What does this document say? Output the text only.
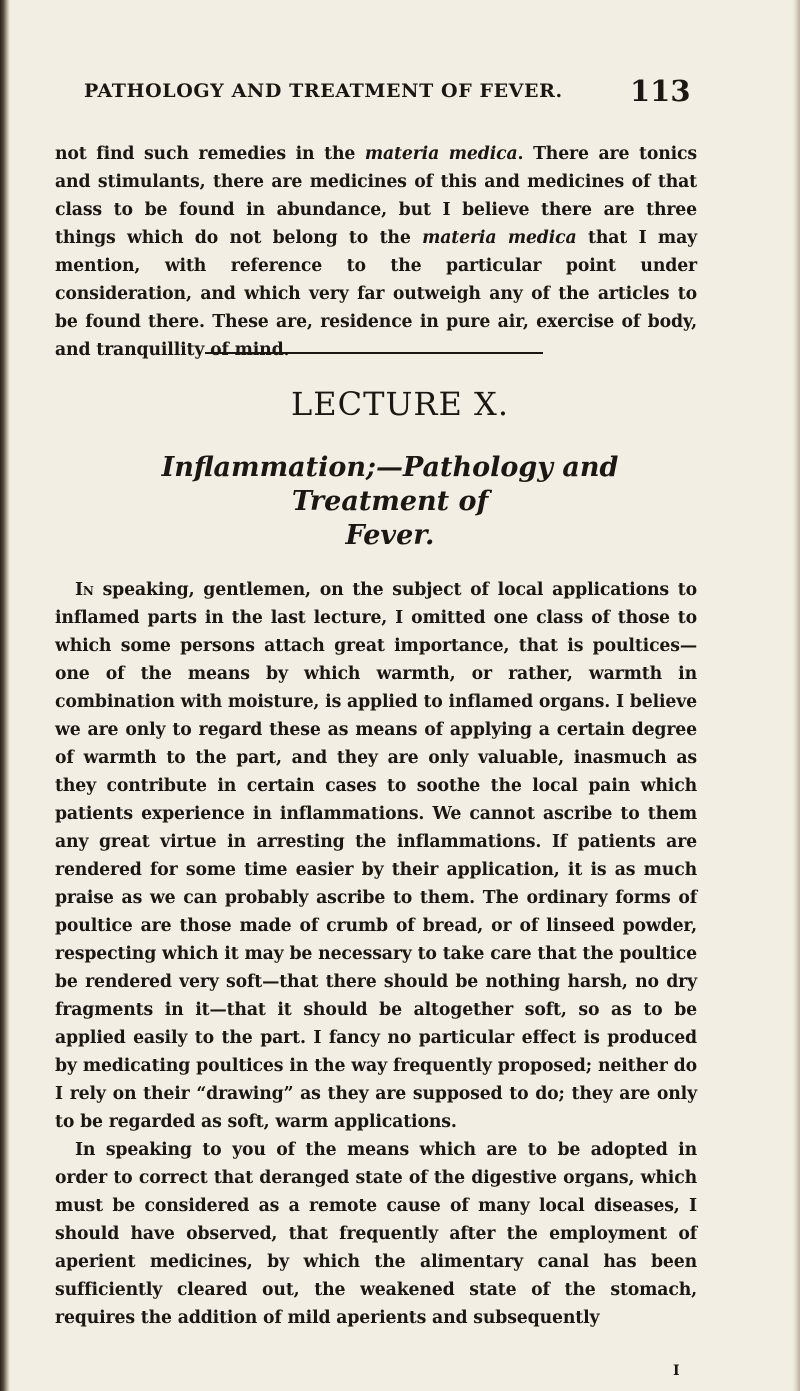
PATHOLOGY AND TREATMENT OF FEVER.	113

not find such remedies in the materia medica. There are tonics and stimulants, there are medicines of this and medicines of that class to be found in abundance, but I believe there are three things which do not belong to the materia medica that I may mention, with reference to the particular point under consideration, and which very far outweigh any of the articles to be found there. These are, residence in pure air, exercise of body, and tranquillity of mind.

LECTURE X.
Inflammation;—Pathology and Treatment of
Fever.

In speaking, gentlemen, on the subject of local applications to inflamed parts in the last lecture, I omitted one class of those to which some persons attach great importance, that is poultices—one of the means by which warmth, or rather, warmth in combination with moisture, is applied to inflamed organs. I believe we are only to regard these as means of applying a certain degree of warmth to the part, and they are only valuable, inasmuch as they contribute in certain cases to soothe the local pain which patients experience in inflammations. We cannot ascribe to them any great virtue in arresting the inflammations. If patients are rendered for some time easier by their application, it is as much praise as we can probably ascribe to them. The ordinary forms of poultice are those made of crumb of bread, or of linseed powder, respecting which it may be necessary to take care that the poultice be rendered very soft—that there should be nothing harsh, no dry fragments in it—that it should be altogether soft, so as to be applied easily to the part. I fancy no particular effect is produced by medicating poultices in the way frequently proposed; neither do I rely on their “drawing” as they are supposed to do; they are only to be regarded as soft, warm applications.

In speaking to you of the means which are to be adopted in order to correct that deranged state of the digestive organs, which must be considered as a remote cause of many local diseases, I should have observed, that frequently after the employment of aperient medicines, by which the alimentary canal has been sufficiently cleared out, the weakened state of the stomach, requires the addition of mild aperients and subsequently

I
